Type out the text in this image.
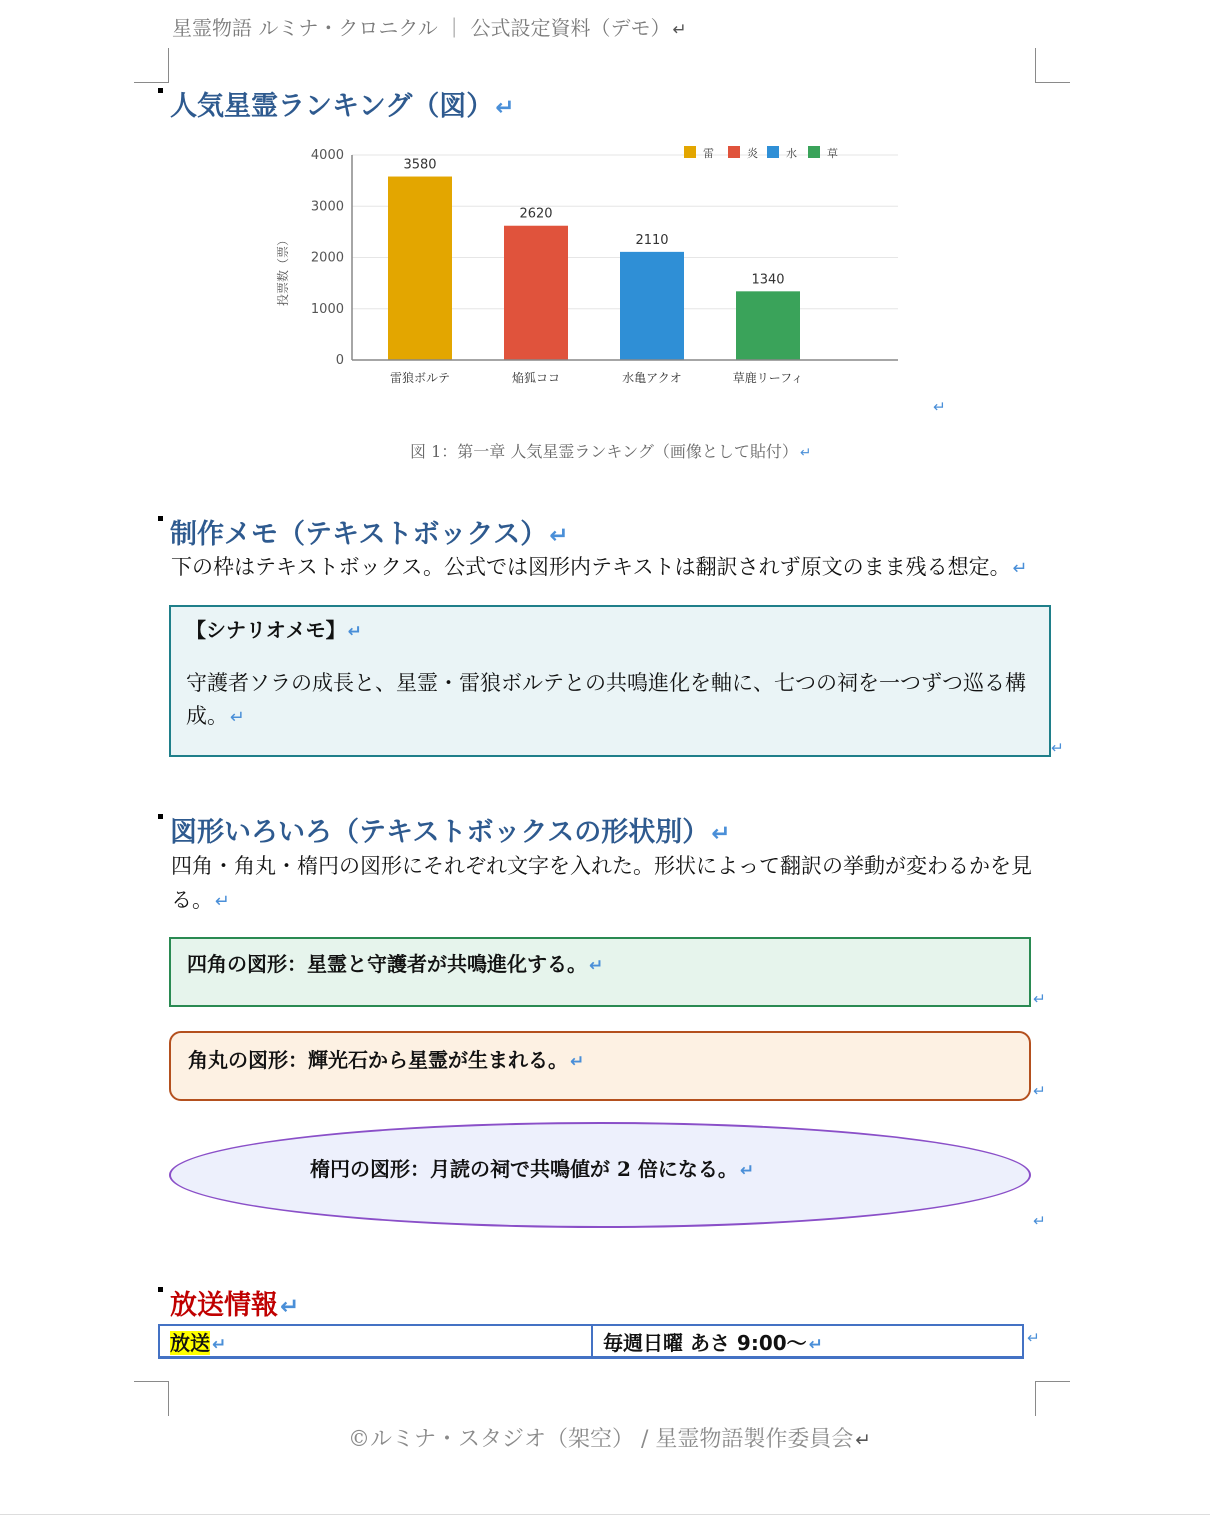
星霊物語 ルミナ・クロニクル ｜ 公式設定資料（デモ） ↵
人気星霊ランキング（図）↵
3580
2620
2110
1340
0
1000
2000
3000
4000
雷狼ボルテ	焔狐ココ	水亀アクオ	草鹿リーフィ
雷	炎	水	草
投票数（票）
↵
図 1：第一章 人気星霊ランキング（画像として貼付） ↵
制作メモ（テキストボックス）↵
下の枠はテキストボックス。公式では図形内テキストは翻訳されず原文のまま残る想定。 ↵
【シナリオメモ】 ↵
守護者ソラの成長と、星霊・雷狼ボルテとの共鳴進化を軸に、七つの祠を一つずつ巡る構成。 ↵
↵
図形いろいろ（テキストボックスの形状別）↵
四角・角丸・楕円の図形にそれぞれ文字を入れた。形状によって翻訳の挙動が変わるかを見る。 ↵
四角の図形：星霊と守護者が共鳴進化する。 ↵
↵
角丸の図形：輝光石から星霊が生まれる。 ↵
↵
楕円の図形：月読の祠で共鳴値が 2 倍になる。 ↵
↵
放送情報↵
放送 ↵	毎週日曜 あさ 9:00〜 ↵	↵
©ルミナ・スタジオ（架空） / 星霊物語製作委員会 ↵
